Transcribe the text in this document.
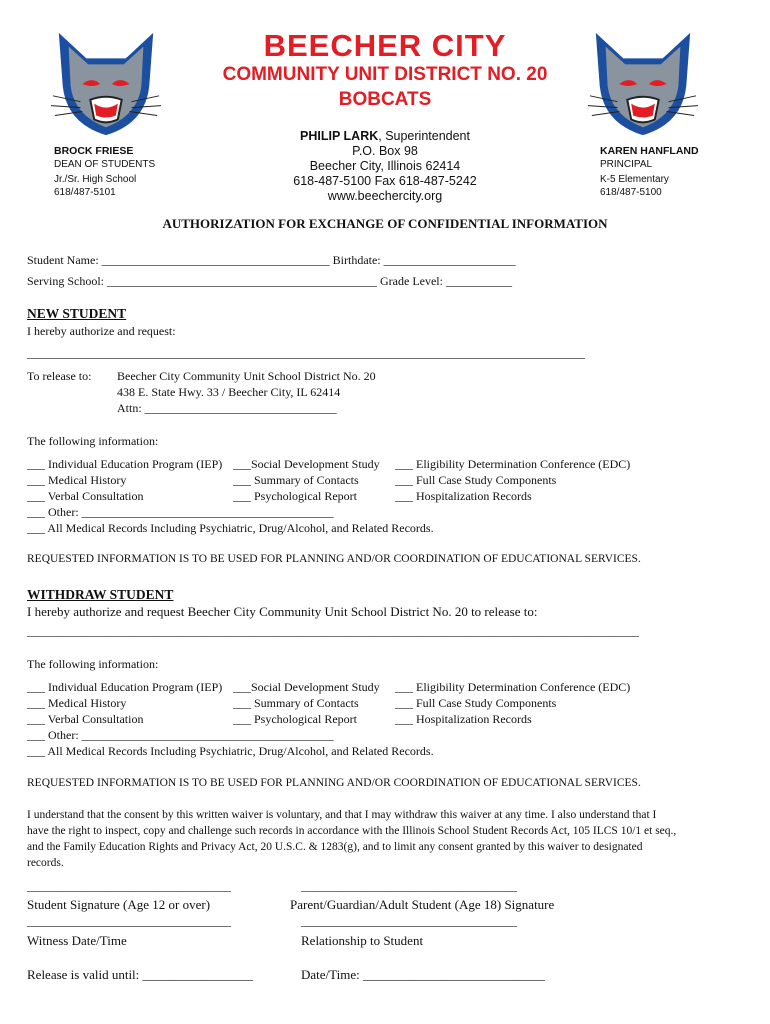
BEECHER CITY
COMMUNITY UNIT DISTRICT NO. 20
BOBCATS
BROCK FRIESE
DEAN OF STUDENTS
Jr./Sr. High School
618/487-5101
PHILIP LARK, Superintendent
P.O. Box 98
Beecher City, Illinois 62414
618-487-5100 Fax 618-487-5242
www.beechercity.org
KAREN HANFLAND
PRINCIPAL
K-5 Elementary
618/487-5100
AUTHORIZATION FOR EXCHANGE OF CONFIDENTIAL INFORMATION
Student Name: ______________________________________ Birthdate: ______________________
Serving School: _____________________________________________ Grade Level: ___________
NEW STUDENT
I hereby authorize and request:
_____________________________________________________________________________________________
To release to: Beecher City Community Unit School District No. 20
438 E. State Hwy. 33 / Beecher City, IL 62414
Attn: ________________________________
The following information:
___ Individual Education Program (IEP) ___Social Development Study ___ Eligibility Determination Conference (EDC)
___ Medical History	___ Summary of Contacts	___ Full Case Study Components
___ Verbal Consultation	___ Psychological Report	___ Hospitalization Records
___ Other: __________________________________________
___ All Medical Records Including Psychiatric, Drug/Alcohol, and Related Records.
REQUESTED INFORMATION IS TO BE USED FOR PLANNING AND/OR COORDINATION OF EDUCATIONAL SERVICES.
WITHDRAW STUDENT
I hereby authorize and request Beecher City Community Unit School District No. 20 to release to:
______________________________________________________________________________________________________
The following information:
___ Individual Education Program (IEP) ___Social Development Study ___ Eligibility Determination Conference (EDC)
___ Medical History	___ Summary of Contacts	___ Full Case Study Components
___ Verbal Consultation	___ Psychological Report	___ Hospitalization Records
___ Other: __________________________________________
___ All Medical Records Including Psychiatric, Drug/Alcohol, and Related Records.
REQUESTED INFORMATION IS TO BE USED FOR PLANNING AND/OR COORDINATION OF EDUCATIONAL SERVICES.
I understand that the consent by this written waiver is voluntary, and that I may withdraw this waiver at any time. I also understand that I
have the right to inspect, copy and challenge such records in accordance with the Illinois School Student Records Act, 105 ILCS 10/1 et seq.,
and the Family Education Rights and Privacy Act, 20 U.S.C. & 1283(g), and to limit any consent granted by this waiver to designated
records.
__________________________________	____________________________________
Student Signature (Age 12 or over)	Parent/Guardian/Adult Student (Age 18) Signature
__________________________________	____________________________________
Witness Date/Time	Relationship to Student
Release is valid until: _________________	Date/Time: ____________________________
